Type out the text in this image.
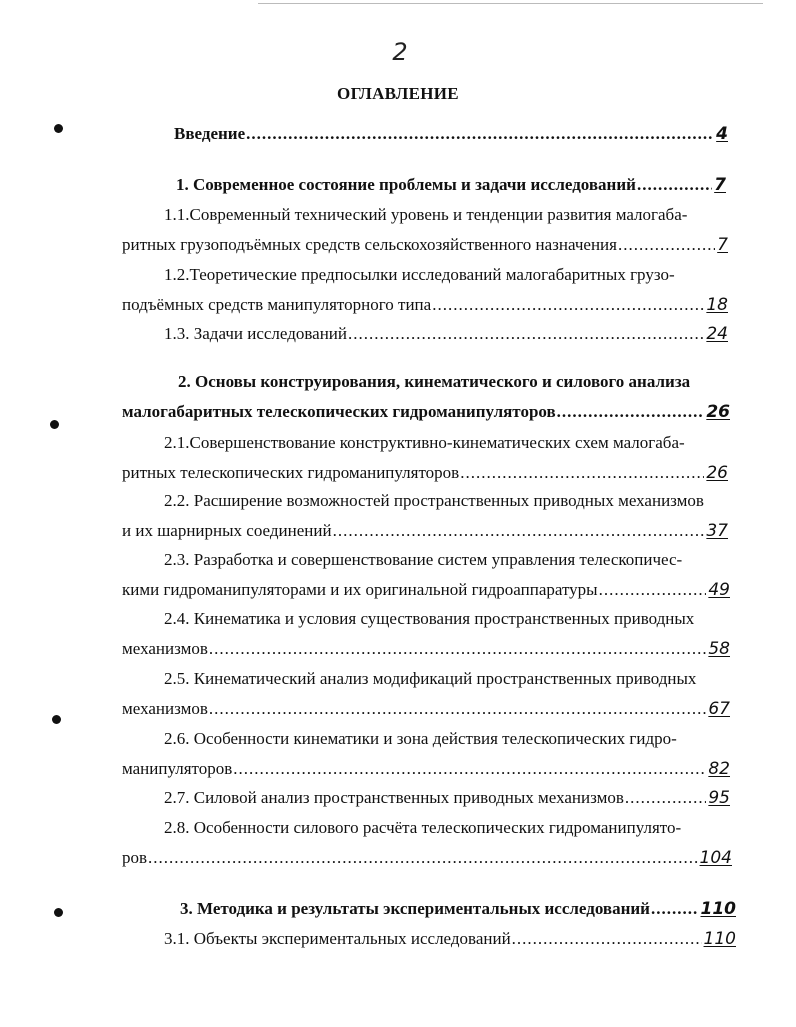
2
ОГЛАВЛЕНИЕ
Введение .....	4
1. Современное состояние проблемы и задачи исследований .....	7
1.1.Современный технический уровень и тенденции развития малогаба-
ритных грузоподъёмных средств сельскохозяйственного назначения .....	7
1.2.Теоретические предпосылки исследований малогабаритных грузо-
подъёмных средств манипуляторного типа .....	18
1.3. Задачи исследований .....	24
2. Основы конструирования, кинематического и силового анализа
малогабаритных телескопических гидроманипуляторов .....	26
2.1.Совершенствование конструктивно-кинематических схем малогаба-
ритных телескопических гидроманипуляторов .....	26
2.2. Расширение возможностей пространственных приводных механизмов
и их шарнирных соединений .....	37
2.3. Разработка и совершенствование систем управления телескопичес-
кими гидроманипуляторами и их оригинальной гидроаппаратуры .....	49
2.4. Кинематика и условия существования пространственных приводных
механизмов .....	58
2.5. Кинематический анализ модификаций пространственных приводных
механизмов .....	67
2.6. Особенности кинематики и зона действия телескопических гидро-
манипуляторов .....	82
2.7. Силовой анализ пространственных приводных механизмов .....	95
2.8. Особенности силового расчёта телескопических гидроманипулято-
ров .....	104
3. Методика и результаты экспериментальных исследований .....	110
3.1. Объекты экспериментальных исследований .....	110
